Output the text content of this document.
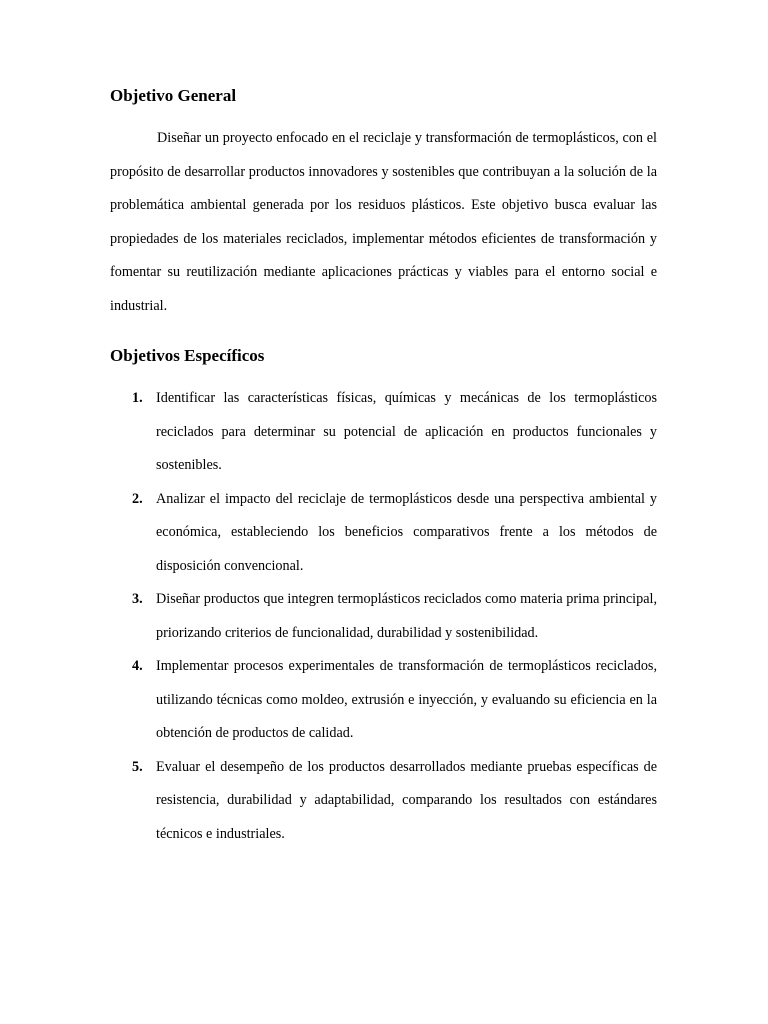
Objetivo General

Diseñar un proyecto enfocado en el reciclaje y transformación de termoplásticos, con el propósito de desarrollar productos innovadores y sostenibles que contribuyan a la solución de la problemática ambiental generada por los residuos plásticos. Este objetivo busca evaluar las propiedades de los materiales reciclados, implementar métodos eficientes de transformación y fomentar su reutilización mediante aplicaciones prácticas y viables para el entorno social e industrial.

Objetivos Específicos
1. Identificar las características físicas, químicas y mecánicas de los termoplásticos reciclados para determinar su potencial de aplicación en productos funcionales y sostenibles.
2. Analizar el impacto del reciclaje de termoplásticos desde una perspectiva ambiental y económica, estableciendo los beneficios comparativos frente a los métodos de disposición convencional.
3. Diseñar productos que integren termoplásticos reciclados como materia prima principal, priorizando criterios de funcionalidad, durabilidad y sostenibilidad.
4. Implementar procesos experimentales de transformación de termoplásticos reciclados, utilizando técnicas como moldeo, extrusión e inyección, y evaluando su eficiencia en la obtención de productos de calidad.
5. Evaluar el desempeño de los productos desarrollados mediante pruebas específicas de resistencia, durabilidad y adaptabilidad, comparando los resultados con estándares técnicos e industriales.
